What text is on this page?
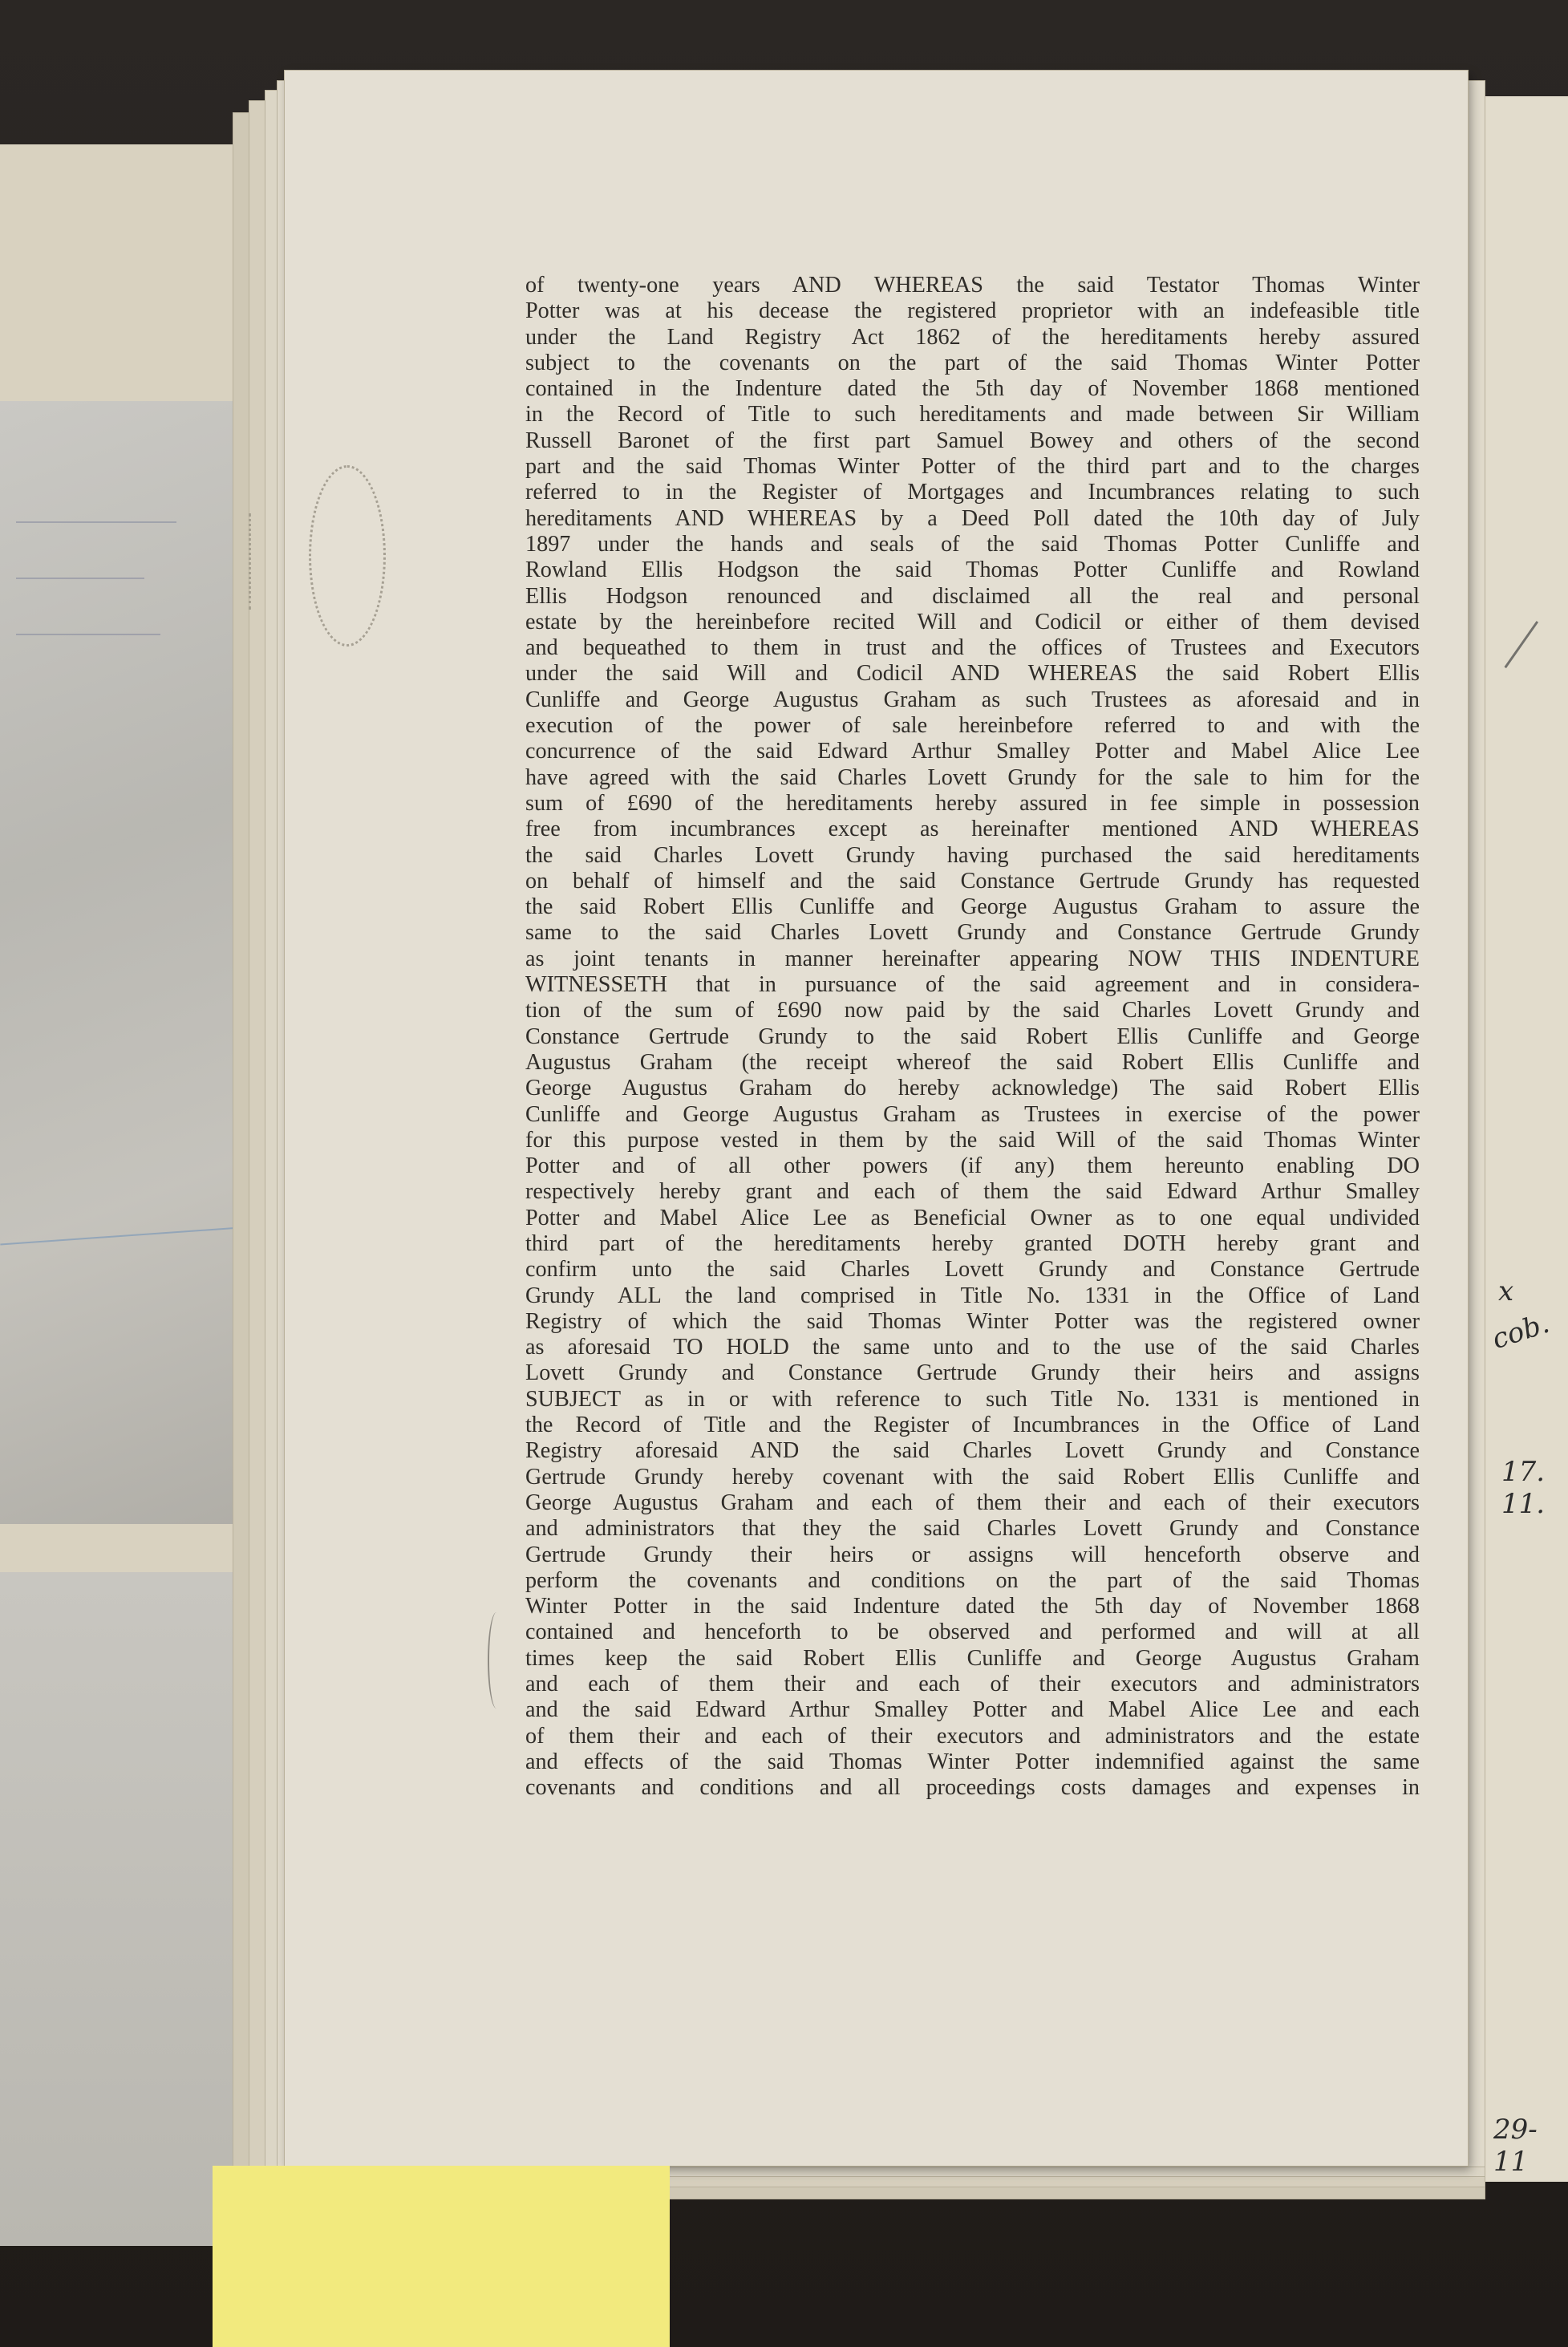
of twenty-one years AND WHEREAS the said Testator Thomas Winter
Potter was at his decease the registered proprietor with an indefeasible title
under the Land Registry Act 1862 of the hereditaments hereby assured
subject to the covenants on the part of the said Thomas Winter Potter
contained in the Indenture dated the 5th day of November 1868 mentioned
in the Record of Title to such hereditaments and made between Sir William
Russell Baronet of the first part Samuel Bowey and others of the second
part and the said Thomas Winter Potter of the third part and to the charges
referred to in the Register of Mortgages and Incumbrances relating to such
hereditaments AND WHEREAS by a Deed Poll dated the 10th day of July
1897 under the hands and seals of the said Thomas Potter Cunliffe and
Rowland Ellis Hodgson the said Thomas Potter Cunliffe and Rowland
Ellis Hodgson renounced and disclaimed all the real and personal
estate by the hereinbefore recited Will and Codicil or either of them devised
and bequeathed to them in trust and the offices of Trustees and Executors
under the said Will and Codicil AND WHEREAS the said Robert Ellis
Cunliffe and George Augustus Graham as such Trustees as aforesaid and in
execution of the power of sale hereinbefore referred to and with the
concurrence of the said Edward Arthur Smalley Potter and Mabel Alice Lee
have agreed with the said Charles Lovett Grundy for the sale to him for the
sum of £690 of the hereditaments hereby assured in fee simple in possession
free from incumbrances except as hereinafter mentioned AND WHEREAS
the said Charles Lovett Grundy having purchased the said hereditaments
on behalf of himself and the said Constance Gertrude Grundy has requested
the said Robert Ellis Cunliffe and George Augustus Graham to assure the
same to the said Charles Lovett Grundy and Constance Gertrude Grundy
as joint tenants in manner hereinafter appearing NOW THIS INDENTURE
WITNESSETH that in pursuance of the said agreement and in considera-
tion of the sum of £690 now paid by the said Charles Lovett Grundy and
Constance Gertrude Grundy to the said Robert Ellis Cunliffe and George
Augustus Graham (the receipt whereof the said Robert Ellis Cunliffe and
George Augustus Graham do hereby acknowledge) The said Robert Ellis
Cunliffe and George Augustus Graham as Trustees in exercise of the power
for this purpose vested in them by the said Will of the said Thomas Winter
Potter and of all other powers (if any) them hereunto enabling DO
respectively hereby grant and each of them the said Edward Arthur Smalley
Potter and Mabel Alice Lee as Beneficial Owner as to one equal undivided
third part of the hereditaments hereby granted DOTH hereby grant and
confirm unto the said Charles Lovett Grundy and Constance Gertrude
Grundy ALL the land comprised in Title No. 1331 in the Office of Land
Registry of which the said Thomas Winter Potter was the registered owner
as aforesaid TO HOLD the same unto and to the use of the said Charles
Lovett Grundy and Constance Gertrude Grundy their heirs and assigns
SUBJECT as in or with reference to such Title No. 1331 is mentioned in
the Record of Title and the Register of Incumbrances in the Office of Land
Registry aforesaid AND the said Charles Lovett Grundy and Constance
Gertrude Grundy hereby covenant with the said Robert Ellis Cunliffe and
George Augustus Graham and each of them their and each of their executors
and administrators that they the said Charles Lovett Grundy and Constance
Gertrude Grundy their heirs or assigns will henceforth observe and
perform the covenants and conditions on the part of the said Thomas
Winter Potter in the said Indenture dated the 5th day of November 1868
contained and henceforth to be observed and performed and will at all
times keep the said Robert Ellis Cunliffe and George Augustus Graham
and each of them their and each of their executors and administrators
and the said Edward Arthur Smalley Potter and Mabel Alice Lee and each
of them their and each of their executors and administrators and the estate
and effects of the said Thomas Winter Potter indemnified against the same
covenants and conditions and all proceedings costs damages and expenses in
x
cob.
17. 11.
29-11
